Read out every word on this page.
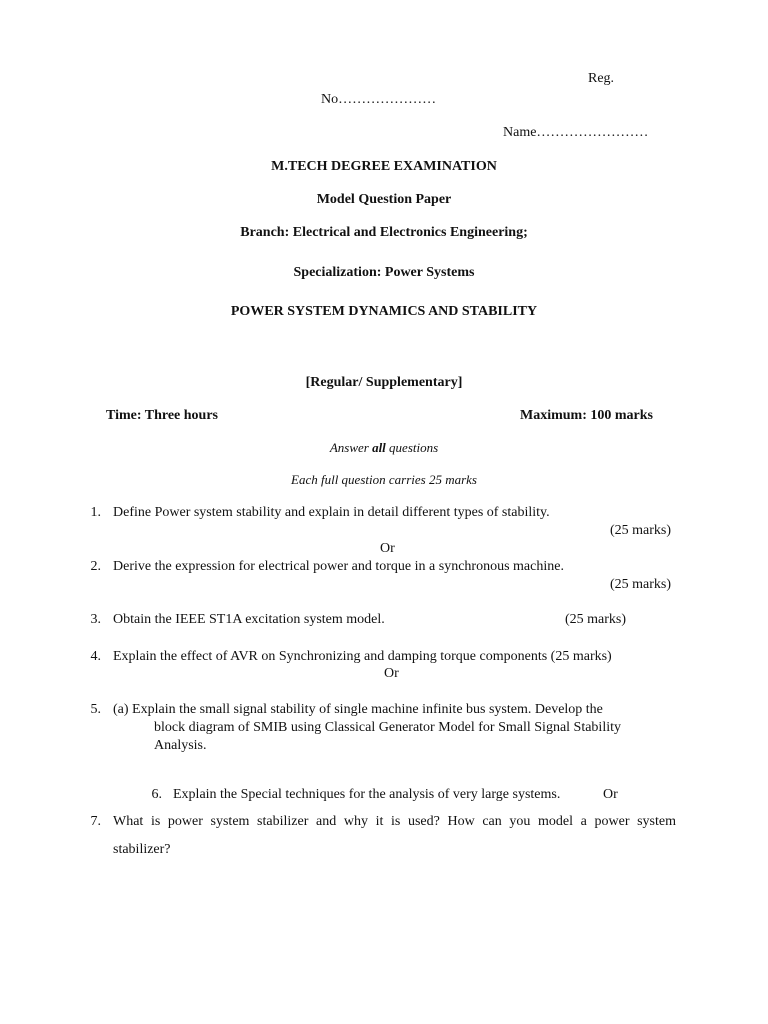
Reg.
No…………………
Name……………………
M.TECH DEGREE EXAMINATION
Model Question Paper
Branch: Electrical and Electronics Engineering;
Specialization: Power Systems
POWER SYSTEM DYNAMICS AND STABILITY
[Regular/ Supplementary]
Time: Three hours	Maximum: 100 marks
Answer all questions
Each full question carries 25 marks
1. Define Power system stability and explain in detail different types of stability.
(25 marks)
Or
2. Derive the expression for electrical power and torque in a synchronous machine.
(25 marks)
3. Obtain the IEEE ST1A excitation system model.	(25 marks)
4. Explain the effect of AVR on Synchronizing and damping torque components (25 marks)
Or
5. (a) Explain the small signal stability of single machine infinite bus system. Develop the
block diagram of SMIB using Classical Generator Model for Small Signal Stability
Analysis.
6. Explain the Special techniques for the analysis of very large systems.	Or
7. What is power system stabilizer and why it is used? How can you model a power system
stabilizer?
